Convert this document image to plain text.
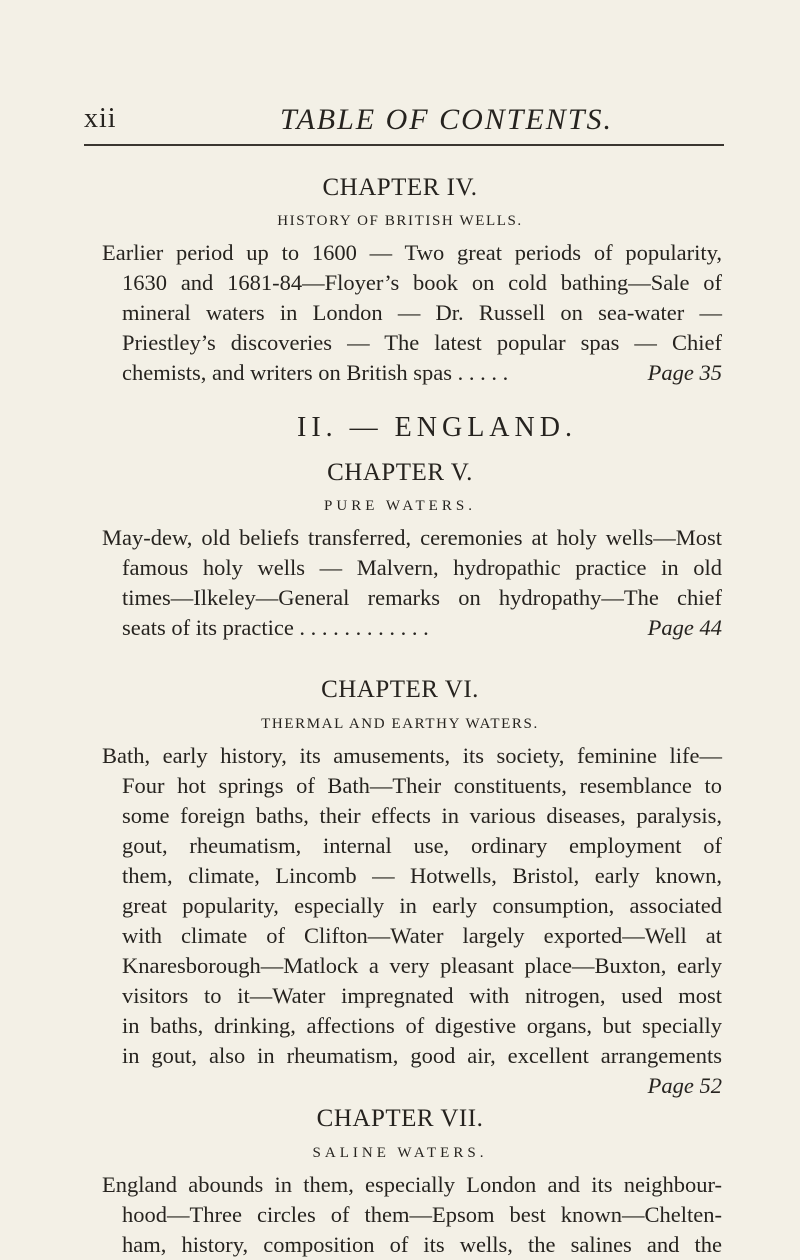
xii	TABLE OF CONTENTS.
CHAPTER IV.
HISTORY OF BRITISH WELLS.
Earlier period up to 1600 — Two great periods of popularity,
1630 and 1681-84—Floyer’s book on cold bathing—Sale of
mineral waters in London — Dr. Russell on sea-water —
Priestley’s discoveries — The latest popular spas — Chief
chemists, and writers on British spas . . . . .	Page 35
II. — ENGLAND.
CHAPTER V.
PURE WATERS.
May-dew, old beliefs transferred, ceremonies at holy wells—Most
famous holy wells — Malvern, hydropathic practice in old
times—Ilkeley—General remarks on hydropathy—The chief
seats of its practice . . . . . . . . . . . .	Page 44
CHAPTER VI.
THERMAL AND EARTHY WATERS.
Bath, early history, its amusements, its society, feminine life—
Four hot springs of Bath—Their constituents, resemblance to
some foreign baths, their effects in various diseases, paralysis,
gout, rheumatism, internal use, ordinary employment of
them, climate, Lincomb — Hotwells, Bristol, early known,
great popularity, especially in early consumption, associated
with climate of Clifton—Water largely exported—Well at
Knaresborough—Matlock a very pleasant place—Buxton, early
visitors to it—Water impregnated with nitrogen, used most
in baths, drinking, affections of digestive organs, but specially
in gout, also in rheumatism, good air, excellent arrangements
Page 52
CHAPTER VII.
SALINE WATERS.
England abounds in them, especially London and its neighbour-
hood—Three circles of them—Epsom best known—Chelten-
ham, history, composition of its wells, the salines and the
